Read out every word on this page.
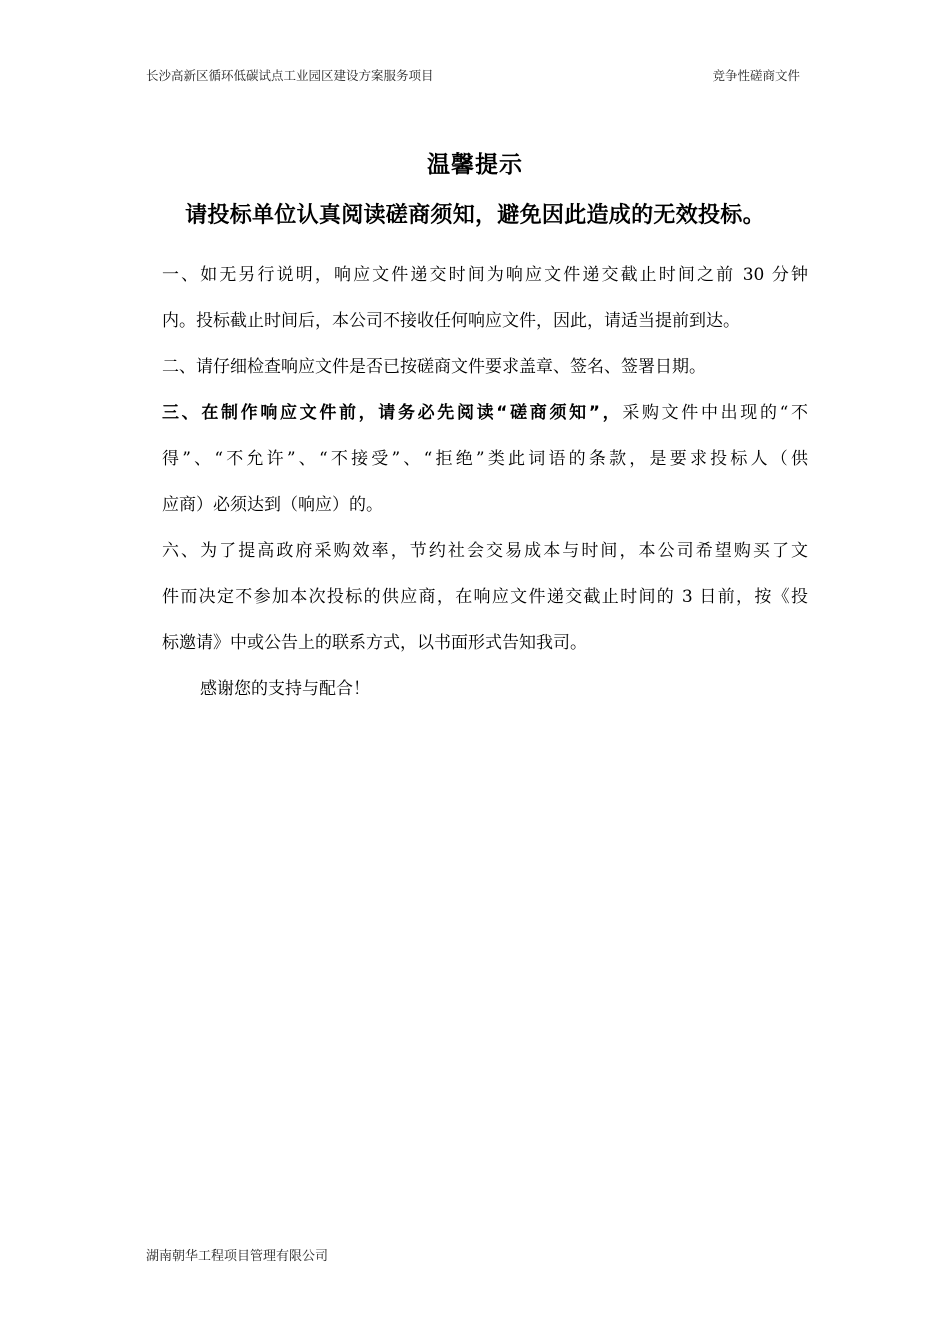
长沙高新区循环低碳试点工业园区建设方案服务项目	竞争性磋商文件
温馨提示
请投标单位认真阅读磋商须知，避免因此造成的无效投标。
一、如无另行说明，响应文件递交时间为响应文件递交截止时间之前 30 分钟
内。投标截止时间后，本公司不接收任何响应文件，因此，请适当提前到达。
二、请仔细检查响应文件是否已按磋商文件要求盖章、签名、签署日期。
三、在制作响应文件前，请务必先阅读“磋商须知”，采购文件中出现的“不
得”、“不允许”、“不接受”、“拒绝”类此词语的条款，是要求投标人（供
应商）必须达到（响应）的。
六、为了提高政府采购效率，节约社会交易成本与时间，本公司希望购买了文
件而决定不参加本次投标的供应商，在响应文件递交截止时间的 3 日前，按《投
标邀请》中或公告上的联系方式，以书面形式告知我司。
感谢您的支持与配合！
湖南朝华工程项目管理有限公司
